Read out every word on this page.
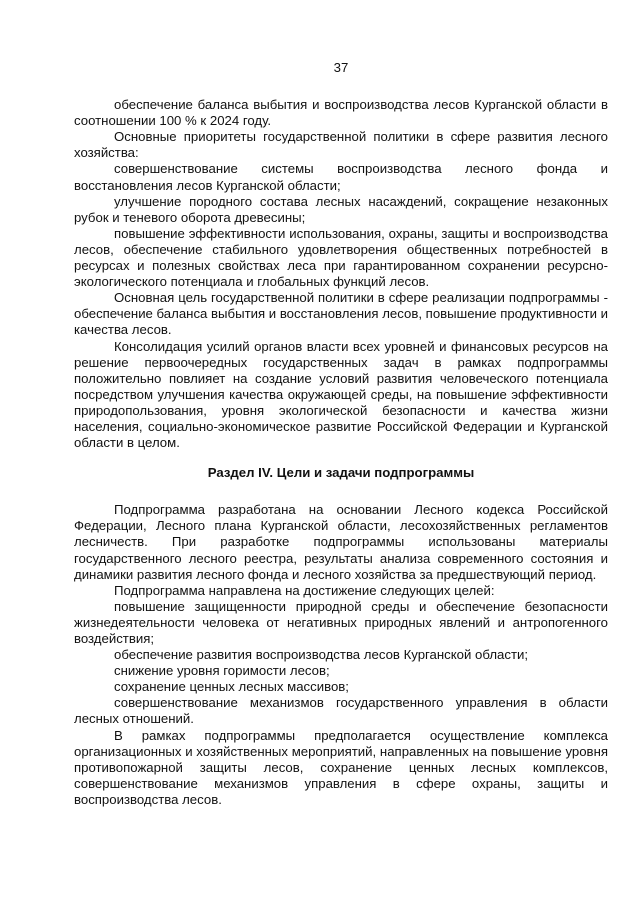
37

обеспечение баланса выбытия и воспроизводства лесов Курганской области в соотношении 100 % к 2024 году.

Основные приоритеты государственной политики в сфере развития лесного хозяйства:

совершенствование системы воспроизводства лесного фонда и восстановления лесов Курганской области;

улучшение породного состава лесных насаждений, сокращение незаконных рубок и теневого оборота древесины;

повышение эффективности использования, охраны, защиты и воспроизводства лесов, обеспечение стабильного удовлетворения общественных потребностей в ресурсах и полезных свойствах леса при гарантированном сохранении ресурсно-экологического потенциала и глобальных функций лесов.

Основная цель государственной политики в сфере реализации подпрограммы - обеспечение баланса выбытия и восстановления лесов, повышение продуктивности и качества лесов.

Консолидация усилий органов власти всех уровней и финансовых ресурсов на решение первоочередных государственных задач в рамках подпрограммы положительно повлияет на создание условий развития человеческого потенциала посредством улучшения качества окружающей среды, на повышение эффективности природопользования, уровня экологической безопасности и качества жизни населения, социально-экономическое развитие Российской Федерации и Курганской области в целом.

Раздел IV. Цели и задачи подпрограммы

Подпрограмма разработана на основании Лесного кодекса Российской Федерации, Лесного плана Курганской области, лесохозяйственных регламентов лесничеств. При разработке подпрограммы использованы материалы государственного лесного реестра, результаты анализа современного состояния и динамики развития лесного фонда и лесного хозяйства за предшествующий период.

Подпрограмма направлена на достижение следующих целей:

повышение защищенности природной среды и обеспечение безопасности жизнедеятельности человека от негативных природных явлений и антропогенного воздействия;

обеспечение развития воспроизводства лесов Курганской области;

снижение уровня горимости лесов;

сохранение ценных лесных массивов;

совершенствование механизмов государственного управления в области лесных отношений.

В рамках подпрограммы предполагается осуществление комплекса организационных и хозяйственных мероприятий, направленных на повышение уровня противопожарной защиты лесов, сохранение ценных лесных комплексов, совершенствование механизмов управления в сфере охраны, защиты и воспроизводства лесов.
